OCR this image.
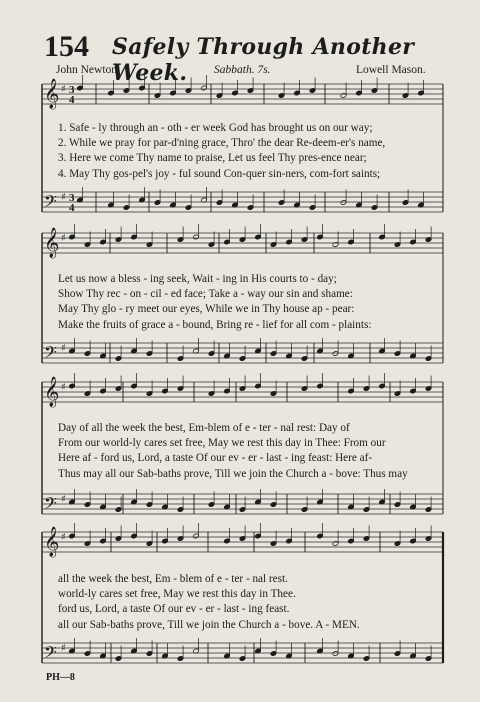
𝄞 ♯ 3
4
𝄢 ♯ 3
4
𝄞 ♯
𝄢 ♯
𝄞 ♯
𝄢 ♯
𝄞 ♯
𝄢 ♯
154 Safely Through Another Week.
John Newton.	Sabbath. 7s.	Lowell Mason.
1. Safe - ly through an - oth - er week God has brought us on our way;
2. While we pray for par-d'ning grace, Thro' the dear Re-deem-er's name,
3. Here we come Thy name to praise, Let us feel Thy pres-ence near;
4. May Thy gos-pel's joy - ful sound Con-quer sin-ners, com-fort saints;
Let us now a bless - ing seek, Wait - ing in His courts to - day;
Show Thy rec - on - cil - ed face; Take a - way our sin and shame:
May Thy glo - ry meet our eyes, While we in Thy house ap - pear:
Make the fruits of grace a - bound, Bring re - lief for all com - plaints:
Day of all the week the best, Em-blem of e - ter - nal rest: Day of
From our world-ly cares set free, May we rest this day in Thee: From our
Here af - ford us, Lord, a taste Of our ev - er - last - ing feast: Here af-
Thus may all our Sab-baths prove, Till we join the Church a - bove: Thus may
all the week the best, Em - blem of e - ter - nal rest.
world-ly cares set free, May we rest this day in Thee.
ford us, Lord, a taste Of our ev - er - last - ing feast.
all our Sab-baths prove, Till we join the Church a - bove. A - MEN.
PH—8
